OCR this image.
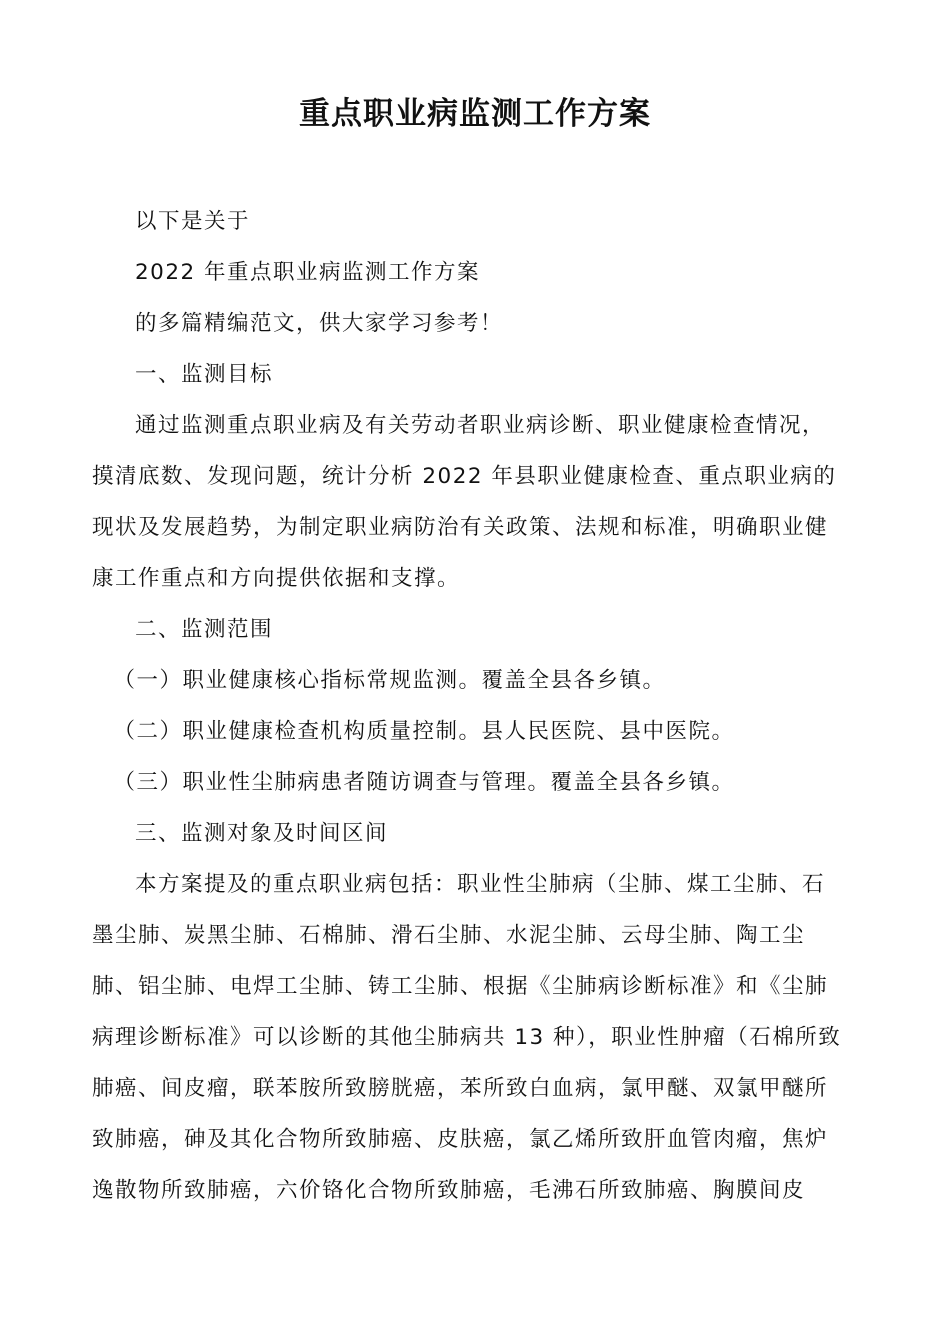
重点职业病监测工作方案
以下是关于
2022 年重点职业病监测工作方案
的多篇精编范文，供大家学习参考！
一、监测目标
通过监测重点职业病及有关劳动者职业病诊断、职业健康检查情况，
摸清底数、发现问题，统计分析 2022 年县职业健康检查、重点职业病的
现状及发展趋势，为制定职业病防治有关政策、法规和标准，明确职业健
康工作重点和方向提供依据和支撑。
二、监测范围
（一）职业健康核心指标常规监测。覆盖全县各乡镇。
（二）职业健康检查机构质量控制。县人民医院、县中医院。
（三）职业性尘肺病患者随访调查与管理。覆盖全县各乡镇。
三、监测对象及时间区间
本方案提及的重点职业病包括：职业性尘肺病（尘肺、煤工尘肺、石
墨尘肺、炭黑尘肺、石棉肺、滑石尘肺、水泥尘肺、云母尘肺、陶工尘
肺、铝尘肺、电焊工尘肺、铸工尘肺、根据《尘肺病诊断标准》和《尘肺
病理诊断标准》可以诊断的其他尘肺病共 13 种），职业性肿瘤（石棉所致
肺癌、间皮瘤，联苯胺所致膀胱癌，苯所致白血病，氯甲醚、双氯甲醚所
致肺癌，砷及其化合物所致肺癌、皮肤癌，氯乙烯所致肝血管肉瘤，焦炉
逸散物所致肺癌，六价铬化合物所致肺癌，毛沸石所致肺癌、胸膜间皮
